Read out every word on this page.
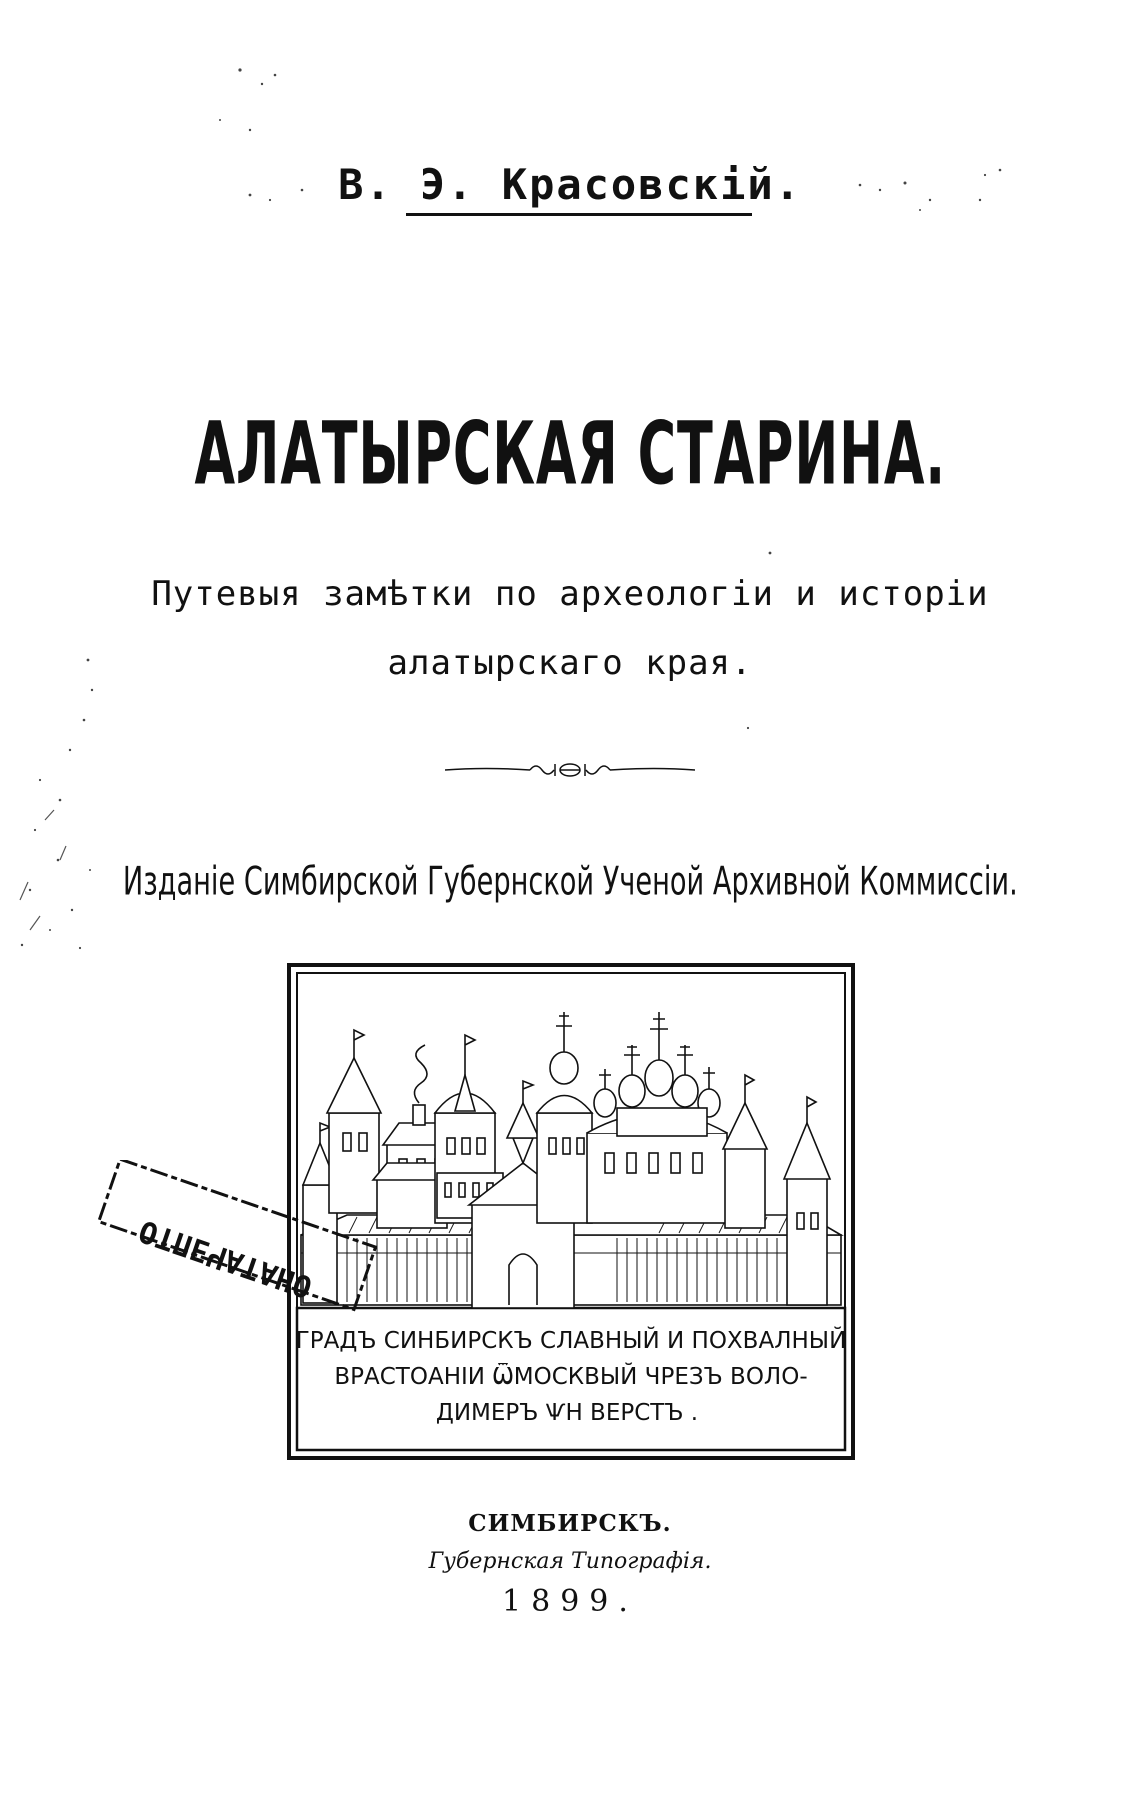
В. Э. Красовскій.
АЛАТЫРСКАЯ СТАРИНА.
Путевыя замѣтки по археологіи и исторіи
алатырскаго края.
Изданіе Симбирской Губернской Ученой Архивной Коммиссіи.
ГРАДЪ СИНБИРСКЪ СЛАВНЫЙ И ПОХВАЛНЫЙ
ВРАСТОАНІИ ѾМОСКВЫЙ ЧРЕЗЪ ВОЛО-
ДИМЕРЪ ѰН ВЕРСТЪ .
ОТПЕЧАТАНО
СИМБИРСКЪ.
Губернская Типографія.
1899.
